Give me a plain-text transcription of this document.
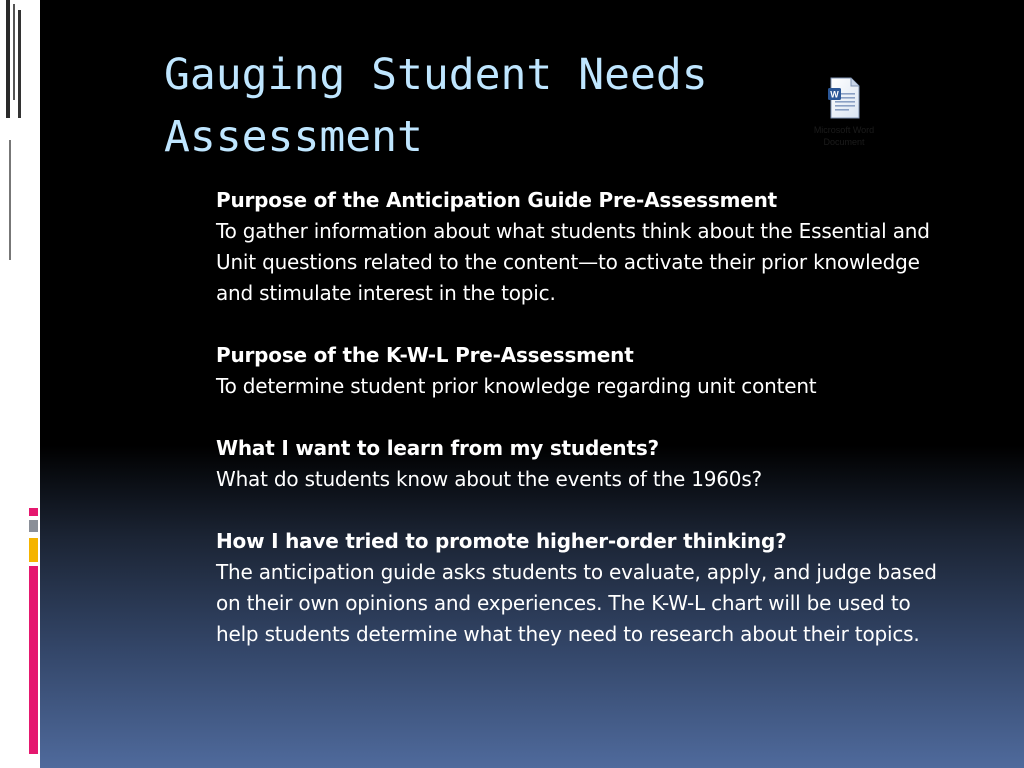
Gauging Student Needs Assessment
W
Microsoft Word
Document
Purpose of the Anticipation Guide Pre-Assessment

To gather information about what students think about the Essential and Unit questions related to the content—to activate their prior knowledge and stimulate interest in the topic.

Purpose of the K-W-L Pre-Assessment

To determine student prior knowledge regarding unit content

What I want to learn from my students?

What do students know about the events of the 1960s?

How I have tried to promote higher-order thinking?

The anticipation guide asks students to evaluate, apply, and judge based on their own opinions and experiences. The K-W-L chart will be used to help students determine what they need to research about their topics.
